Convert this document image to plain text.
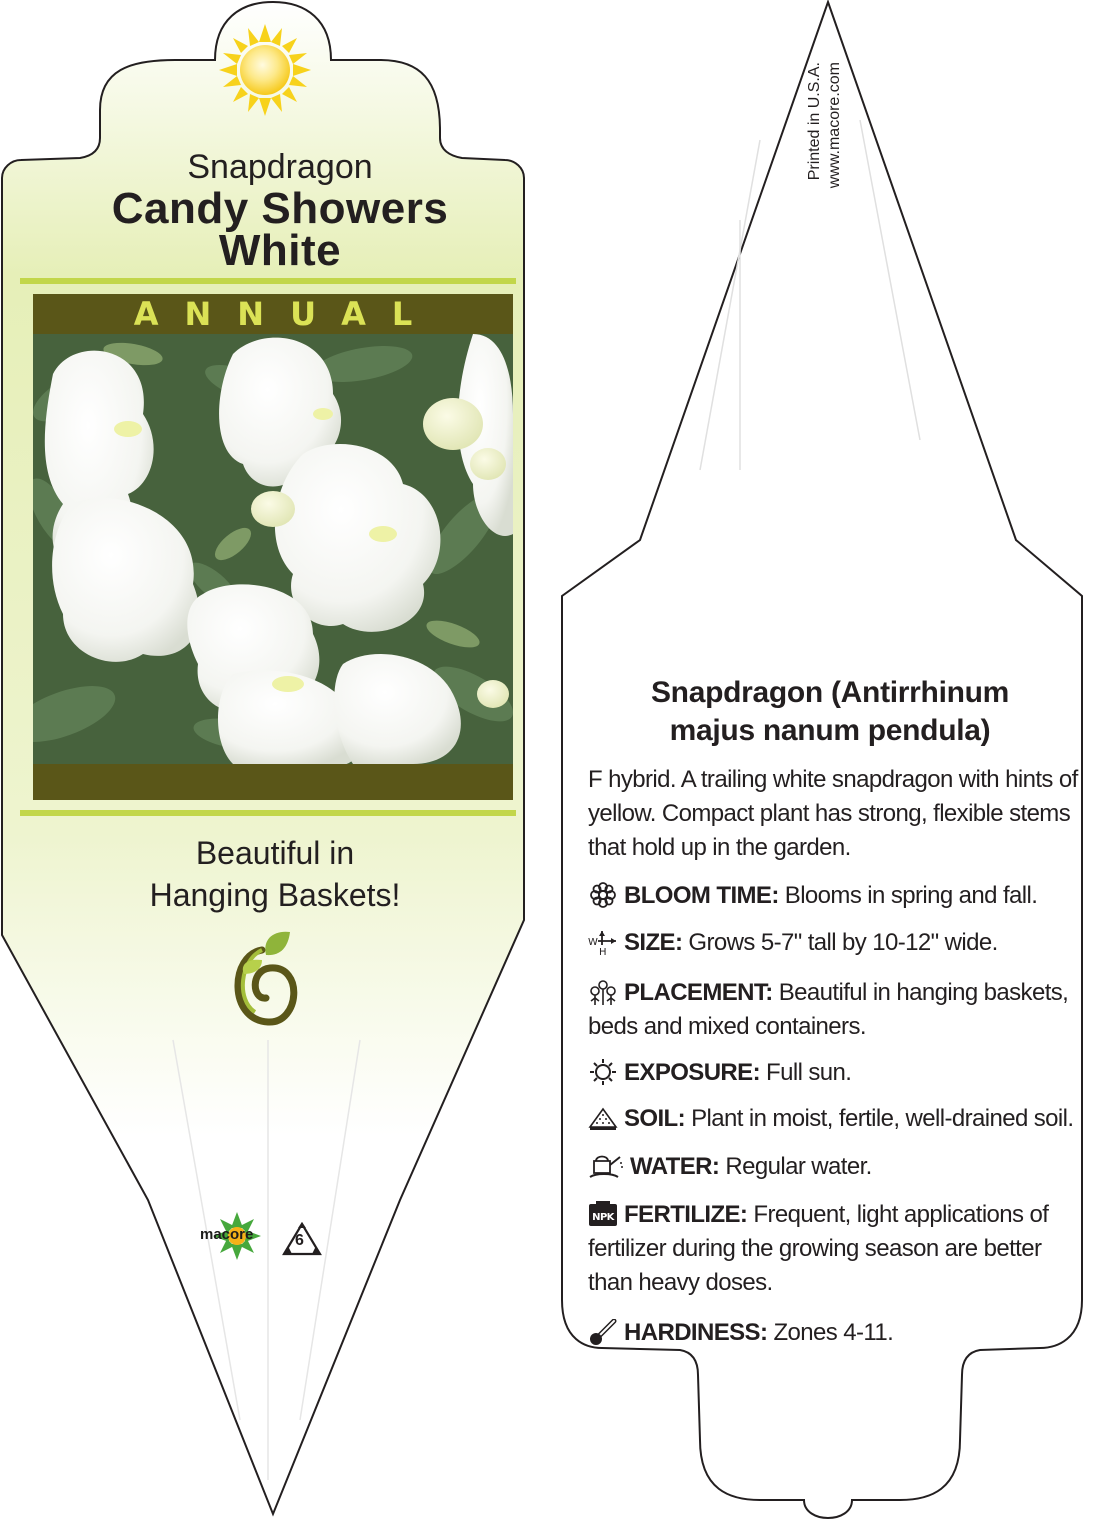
Snapdragon
Candy Showers
White
ANNUAL
Beautiful in
Hanging Baskets!
macore	6
Printed in U.S.A. www.macore.com
Snapdragon (Antirrhinum
majus nanum pendula)
F hybrid. A trailing white snapdragon with hints of
yellow. Compact plant has strong, flexible stems
that hold up in the garden.
BLOOM TIME: Blooms in spring and fall.
W
H SIZE: Grows 5-7" tall by 10-12" wide.
PLACEMENT: Beautiful in hanging baskets,
beds and mixed containers.
EXPOSURE: Full sun.
SOIL: Plant in moist, fertile, well-drained soil.
WATER: Regular water.
NPK FERTILIZE: Frequent, light applications of
fertilizer during the growing season are better
than heavy doses.
HARDINESS: Zones 4-11.
